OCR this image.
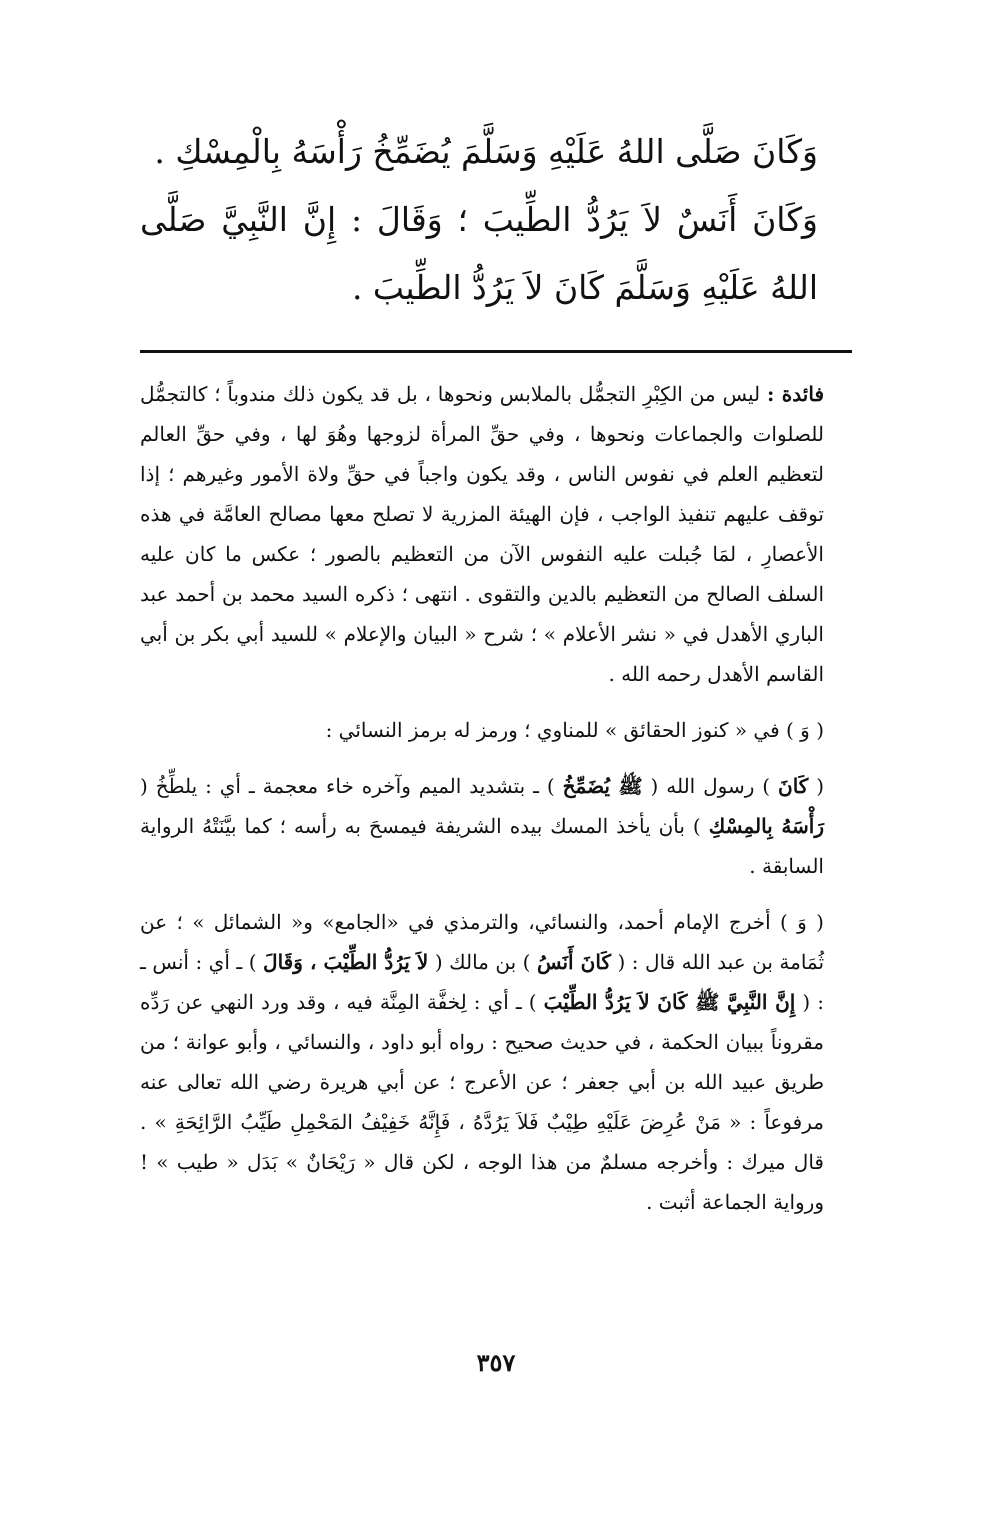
وَكَانَ صَلَّى اللهُ عَلَيْهِ وَسَلَّمَ يُضَمِّخُ رَأْسَهُ بِالْمِسْكِ .

وَكَانَ أَنَسٌ لاَ يَرُدُّ الطِّيبَ ؛ وَقَالَ : إِنَّ النَّبِيَّ صَلَّى اللهُ عَلَيْهِ وَسَلَّمَ كَانَ لاَ يَرُدُّ الطِّيبَ .

فائدة : ليس من الكِبْرِ التجمُّل بالملابس ونحوها ، بل قد يكون ذلك مندوباً ؛ كالتجمُّل للصلوات والجماعات ونحوها ، وفي حقِّ المرأة لزوجها وهُوَ لها ، وفي حقِّ العالم لتعظيم العلم في نفوس الناس ، وقد يكون واجباً في حقِّ ولاة الأمور وغيرهم ؛ إذا توقف عليهم تنفيذ الواجب ، فإن الهيئة المزرية لا تصلح معها مصالح العامَّة في هذه الأعصارِ ، لمَا جُبلت عليه النفوس الآن من التعظيم بالصور ؛ عكس ما كان عليه السلف الصالح من التعظيم بالدين والتقوى . انتهى ؛ ذكره السيد محمد بن أحمد عبد الباري الأهدل في « نشر الأعلام » ؛ شرح « البيان والإعلام » للسيد أبي بكر بن أبي القاسم الأهدل رحمه الله .

( وَ ) في « كنوز الحقائق » للمناوي ؛ ورمز له برمز النسائي :

( كَانَ ) رسول الله ( ﷺ يُضَمِّخُ ) ـ بتشديد الميم وآخره خاء معجمة ـ أي : يلطِّخُ ( رَأْسَهُ بِالمِسْكِ ) بأن يأخذ المسك بيده الشريفة فيمسحَ به رأسه ؛ كما بيَّنَتْهُ الرواية السابقة .

( وَ ) أخرج الإمام أحمد، والنسائي، والترمذي في «الجامع» و« الشمائل » ؛ عن ثُمَامة بن عبد الله قال : ( كَانَ أَنَسُ ) بن مالك ( لاَ يَرُدُّ الطِّيْبَ ، وَقَالَ ) ـ أي : أنس ـ : ( إِنَّ النَّبِيَّ ﷺ كَانَ لاَ يَرُدُّ الطِّيْبَ ) ـ أي : لِخفَّة المِنَّة فيه ، وقد ورد النهي عن رَدِّه مقروناً ببيان الحكمة ، في حديث صحيح : رواه أبو داود ، والنسائي ، وأبو عوانة ؛ من طريق عبيد الله بن أبي جعفر ؛ عن الأعرج ؛ عن أبي هريرة رضي الله تعالى عنه مرفوعاً : « مَنْ عُرِضَ عَلَيْهِ طِيْبٌ فَلاَ يَرُدَّهُ ، فَإِنَّهُ خَفِيْفُ المَحْمِلِ طَيِّبُ الرَّائِحَةِ » . قال ميرك : وأخرجه مسلمٌ من هذا الوجه ، لكن قال « رَيْحَانٌ » بَدَل « طيب » ! ورواية الجماعة أثبت .

٣٥٧
